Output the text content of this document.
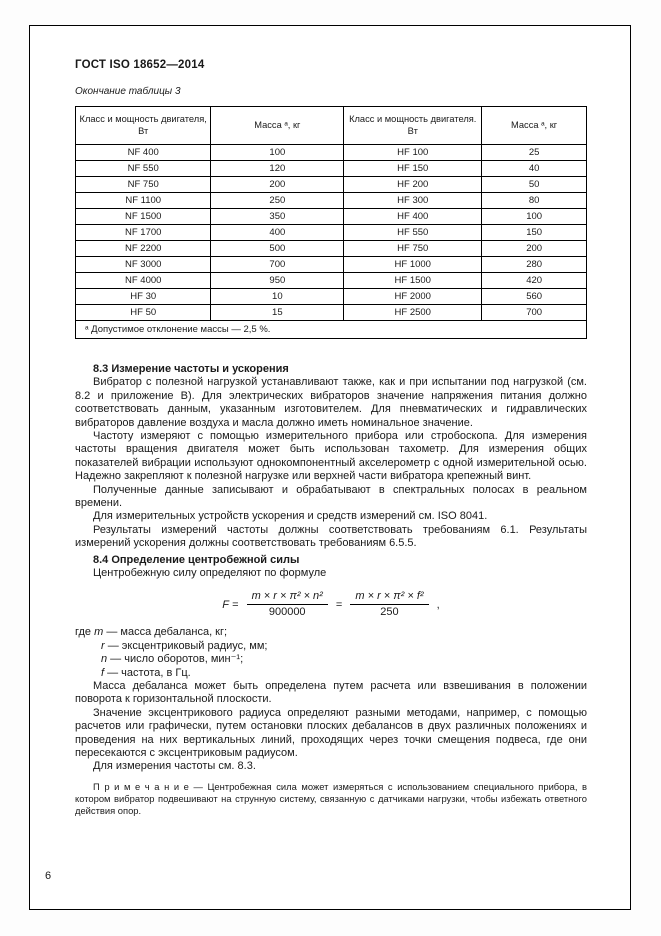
ГОСТ ISO 18652—2014
Окончание таблицы 3
Класс и мощность двигателя, Вт	Масса ᵃ, кг	Класс и мощность двигателя. Вт	Масса ᵃ, кг
NF 400	100	HF 100	25
NF 550	120	HF 150	40
NF 750	200	HF 200	50
NF 1100	250	HF 300	80
NF 1500	350	HF 400	100
NF 1700	400	HF 550	150
NF 2200	500	HF 750	200
NF 3000	700	HF 1000	280
NF 4000	950	HF 1500	420
HF 30	10	HF 2000	560
HF 50	15	HF 2500	700
ᵃ Допустимое отклонение массы — 2,5 %.			

8.3 Измерение частоты и ускорения

Вибратор с полезной нагрузкой устанавливают также, как и при испытании под нагрузкой (см. 8.2 и приложение В). Для электрических вибраторов значение напряжения питания должно соответствовать данным, указанным изготовителем. Для пневматических и гидравлических вибраторов давление воздуха и масла должно иметь номинальное значение.

Частоту измеряют с помощью измерительного прибора или стробоскопа. Для измерения частоты вращения двигателя может быть использован тахометр. Для измерения общих показателей вибрации используют однокомпонентный акселерометр с одной измерительной осью. Надежно закрепляют к полезной нагрузке или верхней части вибратора крепежный винт.

Полученные данные записывают и обрабатывают в спектральных полосах в реальном времени.

Для измерительных устройств ускорения и средств измерений см. ISO 8041.

Результаты измерений частоты должны соответствовать требованиям 6.1. Результаты измерений ускорения должны соответствовать требованиям 6.5.5.

8.4 Определение центробежной силы

Центробежную силу определяют по формуле

$F = \frac{\text{m × r × π² × n²}}{900000} = \frac{\text{m × r × π² × f²}}{250}$ ,
где m — масса дебаланса, кг;
r — эксцентриковый радиус, мм;
n — число оборотов, мин⁻¹;
f — частота, в Гц.

Масса дебаланса может быть определена путем расчета или взвешивания в положении поворота к горизонтальной плоскости.

Значение эксцентрикового радиуса определяют разными методами, например, с помощью расчетов или графически, путем остановки плоских дебалансов в двух различных положениях и проведения на них вертикальных линий, проходящих через точки смещения подвеса, где они пересекаются с эксцентриковым радиусом.

Для измерения частоты см. 8.3.

П р и м е ч а н и е — Центробежная сила может измеряться с использованием специального прибора, в котором вибратор подвешивают на струнную систему, связанную с датчиками нагрузки, чтобы избежать ответного действия опор.

6
